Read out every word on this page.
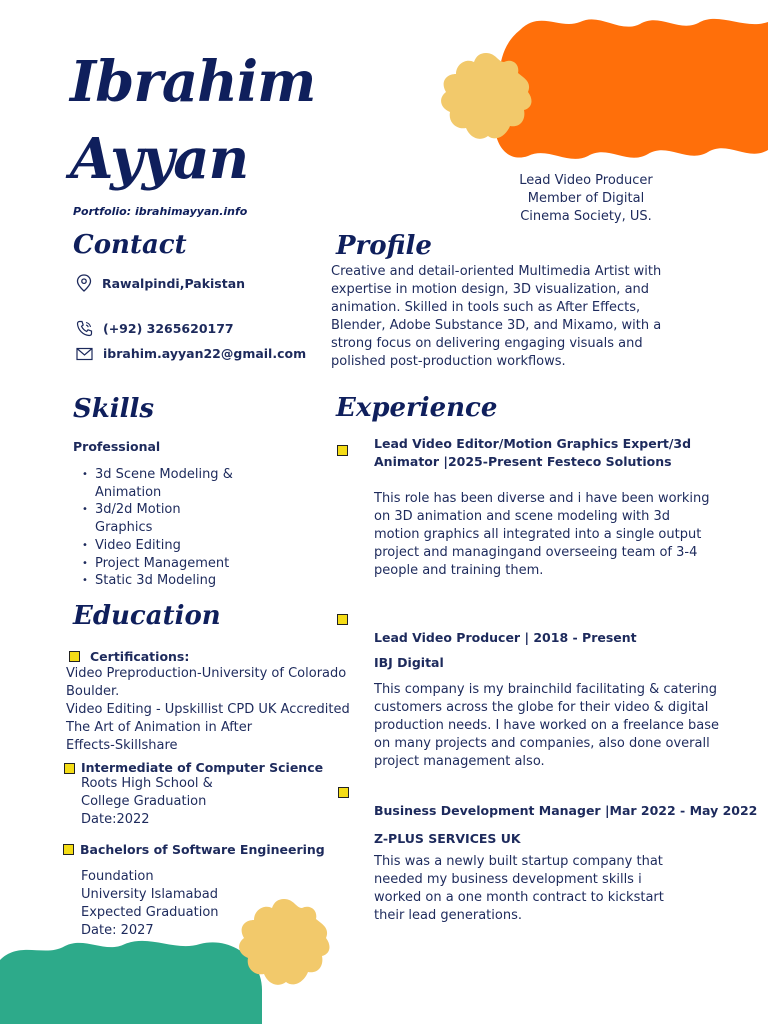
Ibrahim
Ayyan
Portfolio: ibrahimayyan.info
Lead Video Producer
Member of Digital
Cinema Society, US.
Contact
Rawalpindi,Pakistan
(+92) 3265620177
ibrahim.ayyan22@gmail.com
Profile
Creative and detail-oriented Multimedia Artist with
expertise in motion design, 3D visualization, and
animation. Skilled in tools such as After Effects,
Blender, Adobe Substance 3D, and Mixamo, with a
strong focus on delivering engaging visuals and
polished post-production workflows.
Skills
Professional
• 3d Scene Modeling &
Animation
• 3d/2d Motion
Graphics
• Video Editing
• Project Management
• Static 3d Modeling
Education
Certifications:
Video Preproduction-University of Colorado
Boulder.
Video Editing - Upskillist CPD UK Accredited
The Art of Animation in After
Effects-Skillshare
Intermediate of Computer Science
Roots High School &
College Graduation
Date:2022
Bachelors of Software Engineering
Foundation
University Islamabad
Expected Graduation
Date: 2027
Experience
Lead Video Editor/Motion Graphics Expert/3d
Animator |2025-Present Festeco Solutions
This role has been diverse and i have been working
on 3D animation and scene modeling with 3d
motion graphics all integrated into a single output
project and managingand overseeing team of 3-4
people and training them.
Lead Video Producer | 2018 - Present
IBJ Digital
This company is my brainchild facilitating & catering
customers across the globe for their video & digital
production needs. I have worked on a freelance base
on many projects and companies, also done overall
project management also.
Business Development Manager |Mar 2022 - May 2022
Z-PLUS SERVICES UK
This was a newly built startup company that
needed my business development skills i
worked on a one month contract to kickstart
their lead generations.
